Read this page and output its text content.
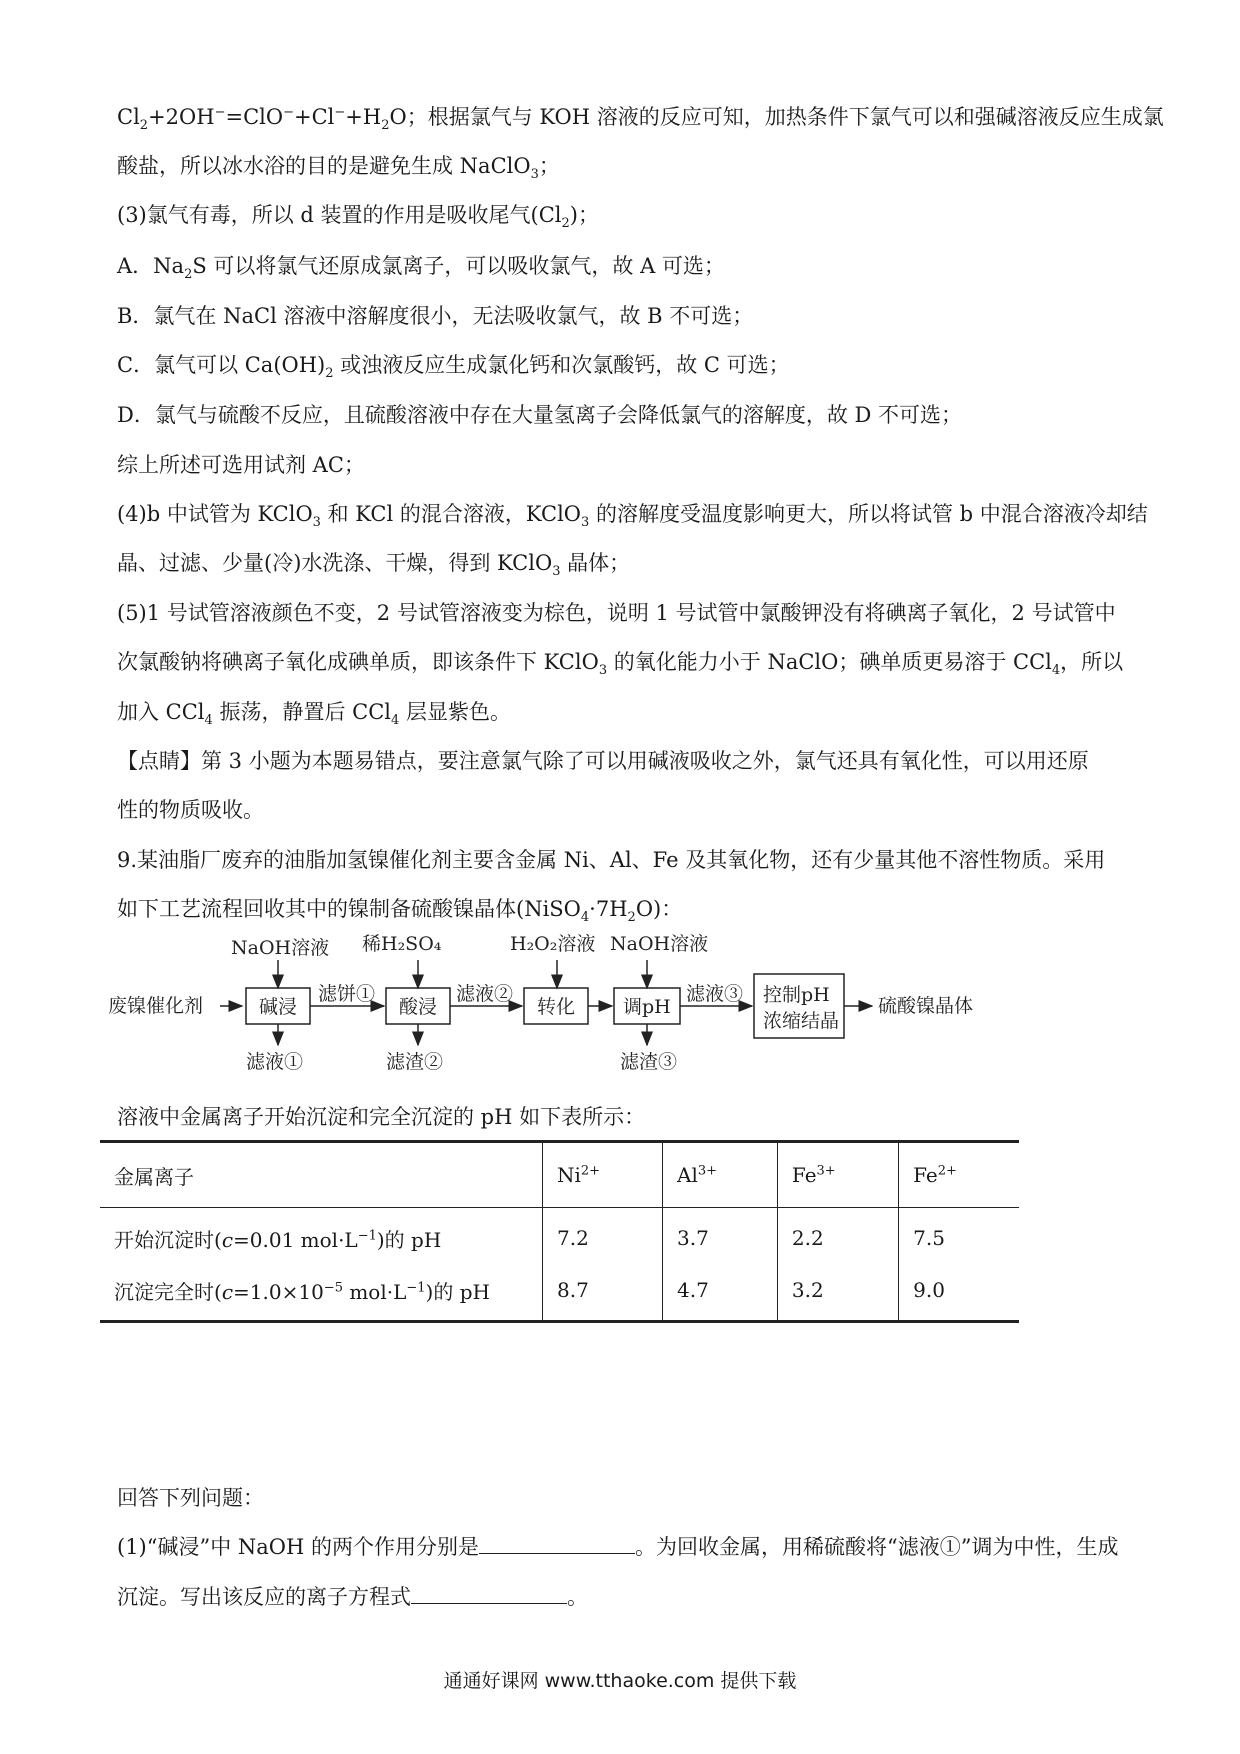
$Cl_2+2OH^-=ClO^-+Cl^-+H_2O$；根据氯气与 KOH 溶液的反应可知，加热条件下氯气可以和强碱溶液反应生成氯
酸盐，所以冰水浴的目的是避免生成 NaClO$_3$；
(3)氯气有毒，所以 d 装置的作用是吸收尾气$(Cl_2)$；
A．$Na_2S$ 可以将氯气还原成氯离子，可以吸收氯气，故 A 可选；
B．氯气在 NaCl 溶液中溶解度很小，无法吸收氯气，故 B 不可选；
C．氯气可以 $Ca(OH)_2$ 或浊液反应生成氯化钙和次氯酸钙，故 C 可选；
D．氯气与硫酸不反应，且硫酸溶液中存在大量氢离子会降低氯气的溶解度，故 D 不可选；
综上所述可选用试剂 AC；
(4)b 中试管为 KClO$_3$ 和 KCl 的混合溶液，KClO$_3$ 的溶解度受温度影响更大，所以将试管 b 中混合溶液冷却结
晶、过滤、少量(冷)水洗涤、干燥，得到 KClO$_3$ 晶体；
(5)1 号试管溶液颜色不变，2 号试管溶液变为棕色，说明 1 号试管中氯酸钾没有将碘离子氧化，2 号试管中
次氯酸钠将碘离子氧化成碘单质，即该条件下 KClO$_3$ 的氧化能力小于 NaClO；碘单质更易溶于 CCl$_4$，所以
加入 CCl$_4$ 振荡，静置后 CCl$_4$ 层显紫色。
【点睛】第 3 小题为本题易错点，要注意氯气除了可以用碱液吸收之外，氯气还具有氧化性，可以用还原
性的物质吸收。
9.某油脂厂废弃的油脂加氢镍催化剂主要含金属 Ni、Al、Fe 及其氧化物，还有少量其他不溶性物质。采用
如下工艺流程回收其中的镍制备硫酸镍晶体$(NiSO_4\cdot 7H_2O)$：
废镍催化剂
NaOH溶液
碱浸
滤液①
滤饼①
稀H₂SO₄
酸浸
滤渣②
滤液②
H₂O₂溶液
转化
NaOH溶液
调pH
滤渣③
滤液③ 控制pH
浓缩结晶
硫酸镍晶体
溶液中金属离子开始沉淀和完全沉淀的 pH 如下表所示：
金属离子	$Ni^{2+}$	$Al^{3+}$	$Fe^{3+}$	$Fe^{2+}$
开始沉淀时(c=0.01 $mol\cdot L^{-1}$)的 pH	7.2	3.7	2.2	7.5
沉淀完全时($c=1.0\times 10^{-5}$ $mol\cdot L^{-1}$)的 pH	8.7	4.7	3.2	9.0
回答下列问题：
(1)“碱浸”中 NaOH 的两个作用分别是	。为回收金属，用稀硫酸将“滤液①”调为中性，生成
沉淀。写出该反应的离子方程式	。
通通好课网 www.tthaoke.com 提供下载
